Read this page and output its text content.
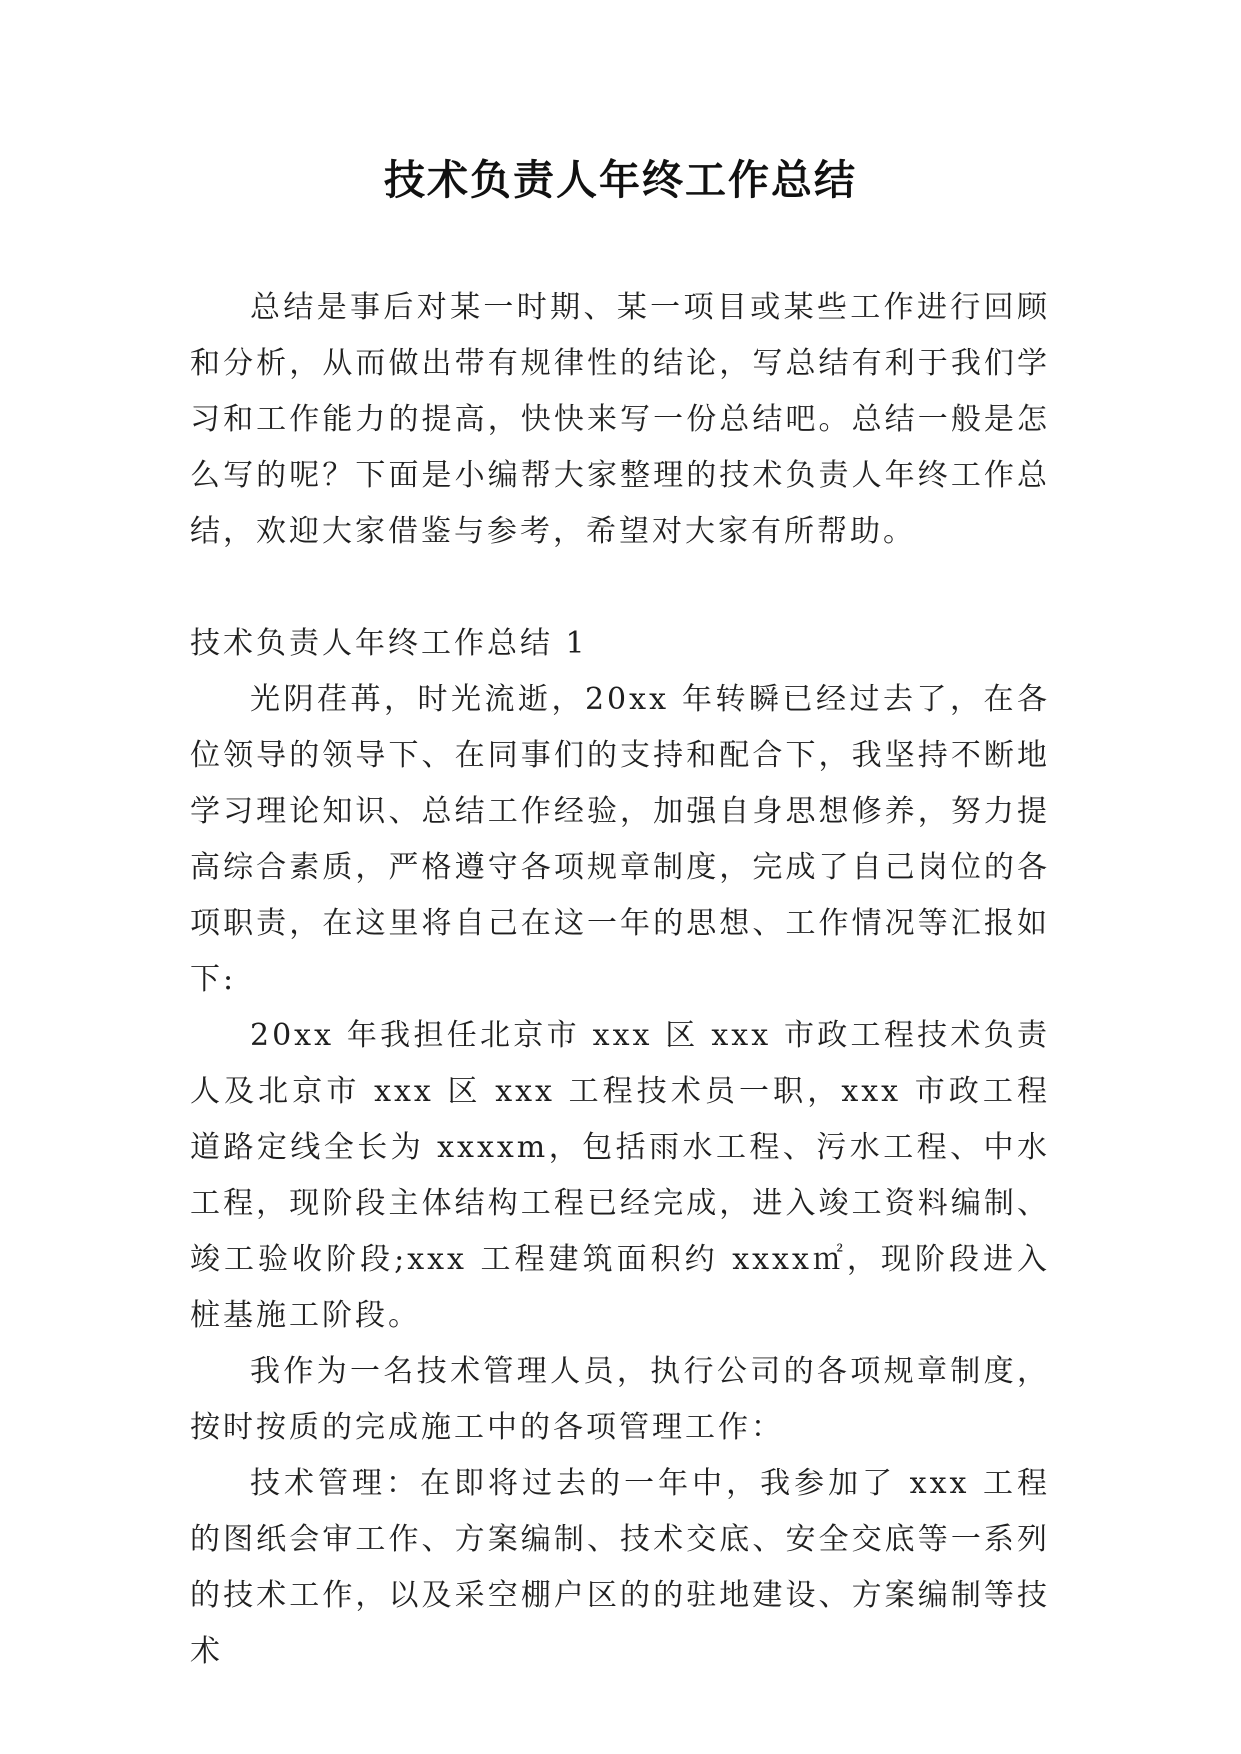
技术负责人年终工作总结

总结是事后对某一时期、某一项目或某些工作进行回顾和分析，从而做出带有规律性的结论，写总结有利于我们学习和工作能力的提高，快快来写一份总结吧。总结一般是怎么写的呢？下面是小编帮大家整理的技术负责人年终工作总结，欢迎大家借鉴与参考，希望对大家有所帮助。

技术负责人年终工作总结 1

光阴荏苒，时光流逝，20xx 年转瞬已经过去了，在各位领导的领导下、在同事们的支持和配合下，我坚持不断地学习理论知识、总结工作经验，加强自身思想修养，努力提高综合素质，严格遵守各项规章制度，完成了自己岗位的各项职责，在这里将自己在这一年的思想、工作情况等汇报如下:

20xx 年我担任北京市 xxx 区 xxx 市政工程技术负责人及北京市 xxx 区 xxx 工程技术员一职，xxx 市政工程道路定线全长为 xxxxm，包括雨水工程、污水工程、中水工程，现阶段主体结构工程已经完成，进入竣工资料编制、竣工验收阶段;xxx 工程建筑面积约 xxxx㎡，现阶段进入桩基施工阶段。

我作为一名技术管理人员，执行公司的各项规章制度，按时按质的完成施工中的各项管理工作：

技术管理：在即将过去的一年中，我参加了 xxx 工程的图纸会审工作、方案编制、技术交底、安全交底等一系列的技术工作，以及采空棚户区的的驻地建设、方案编制等技术
